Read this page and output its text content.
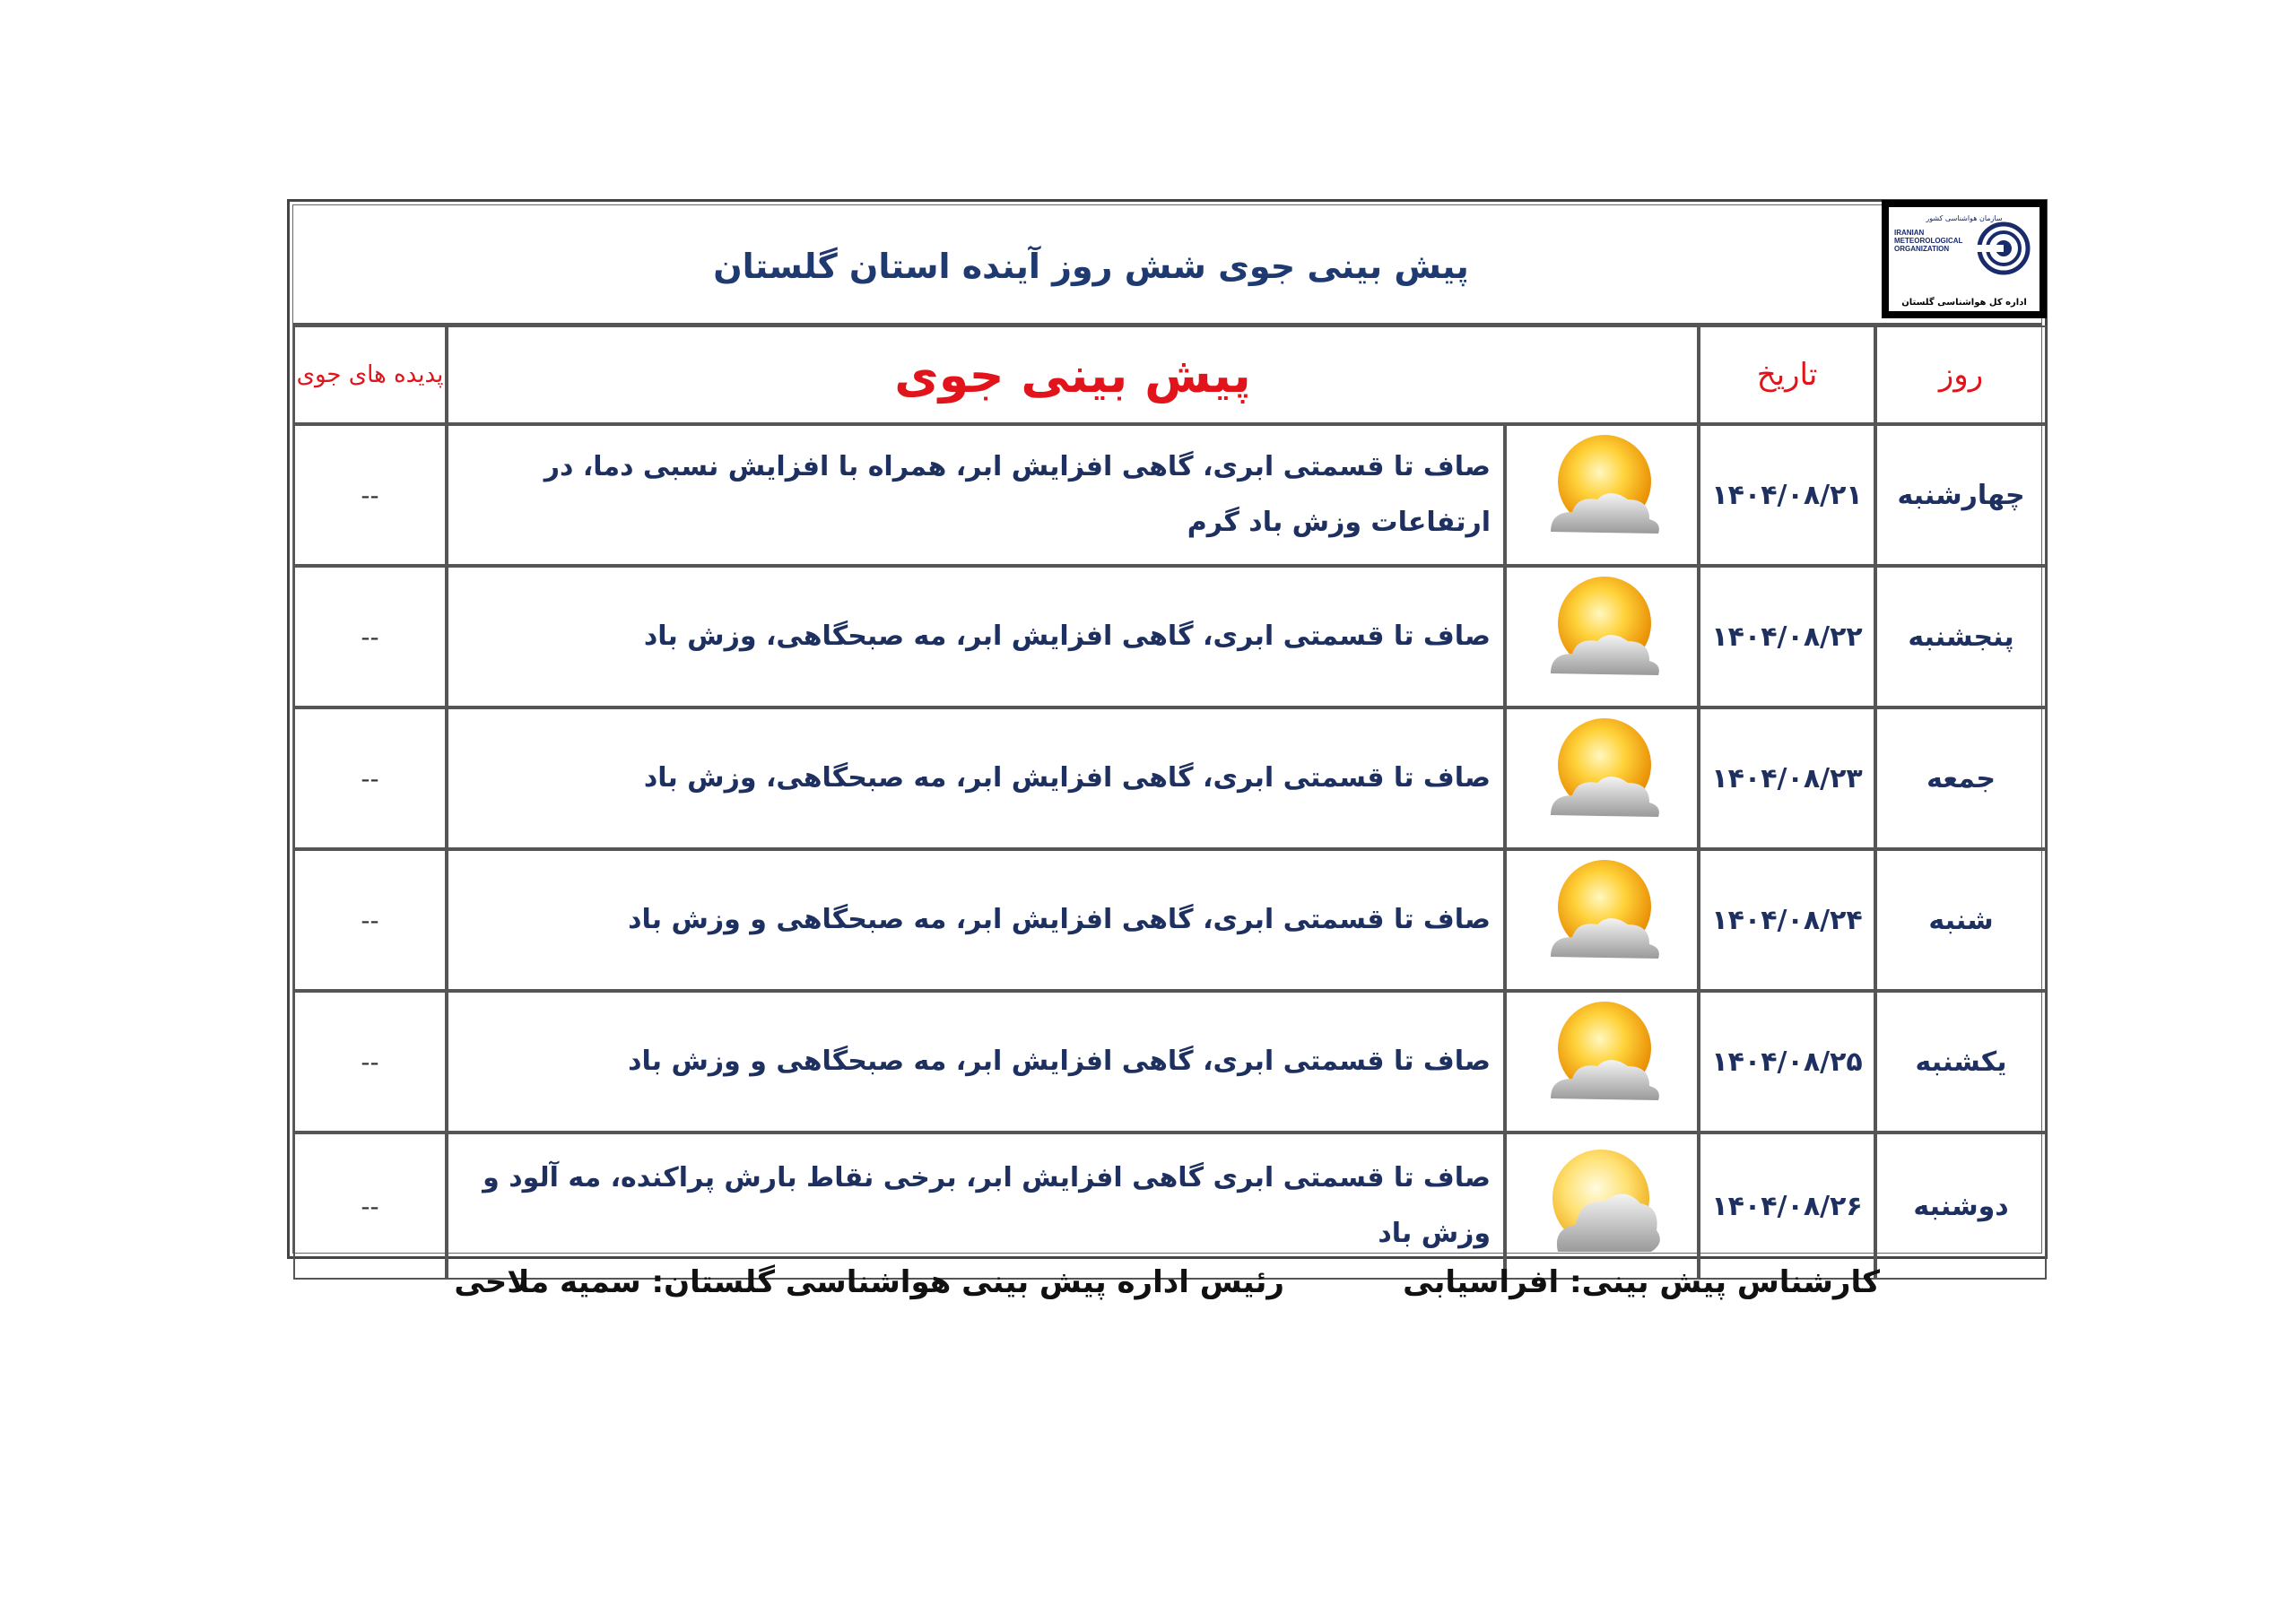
پیش بینی جوی شش روز آینده استان گلستان
سازمان هواشناسی کشور
IRANIAN
METEOROLOGICAL
ORGANIZATION
اداره کل هواشناسی گلستان
روز	تاریخ	پیش بینی جوی		پدیده های جوی
چهارشنبه	۱۴۰۴/۰۸/۲۱		صاف تا قسمتی ابری، گاهی افزایش ابر، همراه با افزایش نسبی دما، در ارتفاعات وزش باد گرم	--
پنجشنبه	۱۴۰۴/۰۸/۲۲		صاف تا قسمتی ابری، گاهی افزایش ابر، مه صبحگاهی، وزش باد	--
جمعه	۱۴۰۴/۰۸/۲۳		صاف تا قسمتی ابری، گاهی افزایش ابر، مه صبحگاهی، وزش باد	--
شنبه	۱۴۰۴/۰۸/۲۴		صاف تا قسمتی ابری، گاهی افزایش ابر، مه صبحگاهی و وزش باد	--
یکشنبه	۱۴۰۴/۰۸/۲۵		صاف تا قسمتی ابری، گاهی افزایش ابر، مه صبحگاهی و وزش باد	--
دوشنبه	۱۴۰۴/۰۸/۲۶		صاف تا قسمتی ابری گاهی افزایش ابر، برخی نقاط بارش پراکنده، مه آلود و وزش باد	--
کارشناس پیش بینی: افراسیابی
رئیس اداره پیش بینی هواشناسی گلستان: سمیه ملاحی
